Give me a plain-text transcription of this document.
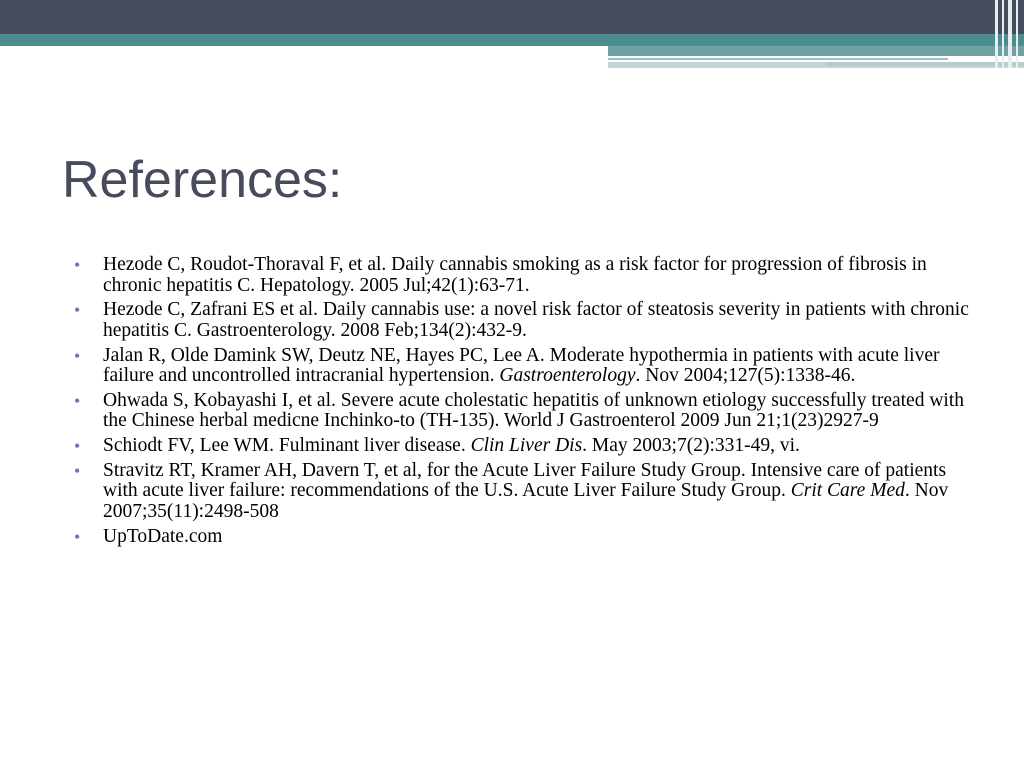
References:
• Hezode C, Roudot-Thoraval F, et al. Daily cannabis smoking as a risk factor for progression of fibrosis in chronic hepatitis C. Hepatology. 2005 Jul;42(1):63-71.
• Hezode C, Zafrani ES et al. Daily cannabis use: a novel risk factor of steatosis severity in patients with chronic hepatitis C. Gastroenterology. 2008 Feb;134(2):432-9.
• Jalan R, Olde Damink SW, Deutz NE, Hayes PC, Lee A. Moderate hypothermia in patients with acute liver failure and uncontrolled intracranial hypertension. Gastroenterology. Nov 2004;127(5):1338-46.
• Ohwada S, Kobayashi I, et al. Severe acute cholestatic hepatitis of unknown etiology successfully treated with the Chinese herbal medicne Inchinko-to (TH-135). World J Gastroenterol 2009 Jun 21;1(23)2927-9
• Schiodt FV, Lee WM. Fulminant liver disease. Clin Liver Dis. May 2003;7(2):331-49, vi.
• Stravitz RT, Kramer AH, Davern T, et al, for the Acute Liver Failure Study Group. Intensive care of patients with acute liver failure: recommendations of the U.S. Acute Liver Failure Study Group. Crit Care Med. Nov 2007;35(11):2498-508
• UpToDate.com
